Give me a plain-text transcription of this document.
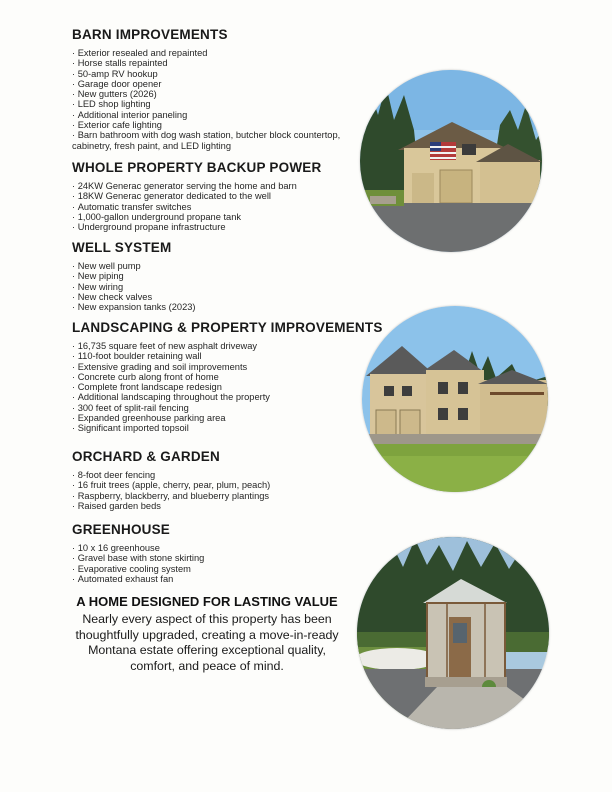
BARN IMPROVEMENTS
· Exterior resealed and repainted
· Horse stalls repainted
· 50-amp RV hookup
· Garage door opener
· New gutters (2026)
· LED shop lighting
· Additional interior paneling
· Exterior cafe lighting
· Barn bathroom with dog wash station, butcher block countertop, cabinetry, fresh paint, and LED lighting
WHOLE PROPERTY BACKUP POWER
· 24KW Generac generator serving the home and barn
· 18KW Generac generator dedicated to the well
· Automatic transfer switches
· 1,000-gallon underground propane tank
· Underground propane infrastructure
WELL SYSTEM
· New well pump
· New piping
· New wiring
· New check valves
· New expansion tanks (2023)
LANDSCAPING & PROPERTY IMPROVEMENTS
· 16,735 square feet of new asphalt driveway
· 110-foot boulder retaining wall
· Extensive grading and soil improvements
· Concrete curb along front of home
· Complete front landscape redesign
· Additional landscaping throughout the property
· 300 feet of split-rail fencing
· Expanded greenhouse parking area
· Significant imported topsoil
ORCHARD & GARDEN
· 8-foot deer fencing
· 16 fruit trees (apple, cherry, pear, plum, peach)
· Raspberry, blackberry, and blueberry plantings
· Raised garden beds
GREENHOUSE
· 10 x 16 greenhouse
· Gravel base with stone skirting
· Evaporative cooling system
· Automated exhaust fan
A HOME DESIGNED FOR LASTING VALUE

Nearly every aspect of this property has been
thoughtfully upgraded, creating a move-in-ready
Montana estate offering exceptional quality,
comfort, and peace of mind.
